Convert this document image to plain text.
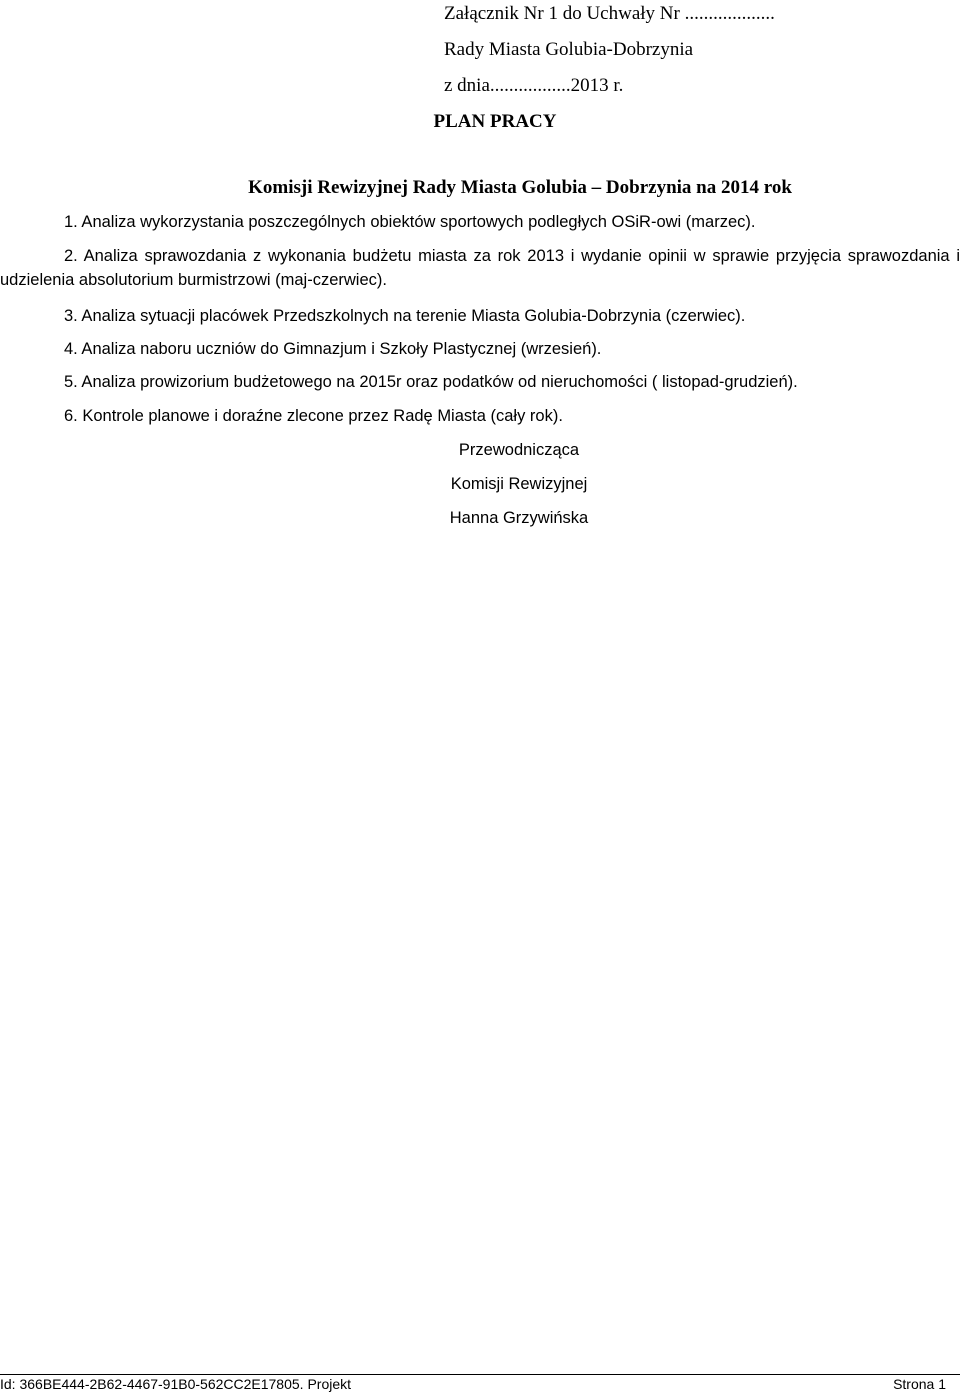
Załącznik Nr 1 do Uchwały Nr ...................
Rady Miasta Golubia-Dobrzynia
z dnia.................2013 r.
PLAN PRACY
Komisji Rewizyjnej Rady Miasta Golubia – Dobrzynia na 2014 rok

1. Analiza wykorzystania poszczególnych obiektów sportowych podległych OSiR-owi (marzec).

2. Analiza sprawozdania z wykonania budżetu miasta za rok 2013 i wydanie opinii w sprawie przyjęcia sprawozdania i udzielenia absolutorium burmistrzowi (maj-czerwiec).

3. Analiza sytuacji placówek Przedszkolnych na terenie Miasta Golubia-Dobrzynia (czerwiec).

4. Analiza naboru uczniów do Gimnazjum i Szkoły Plastycznej (wrzesień).

5. Analiza prowizorium budżetowego na 2015r oraz podatków od nieruchomości ( listopad-grudzień).

6. Kontrole planowe i doraźne zlecone przez Radę Miasta (cały rok).

Przewodnicząca
Komisji Rewizyjnej
Hanna Grzywińska
Id: 366BE444-2B62-4467-91B0-562CC2E17805. Projekt	Strona 1
